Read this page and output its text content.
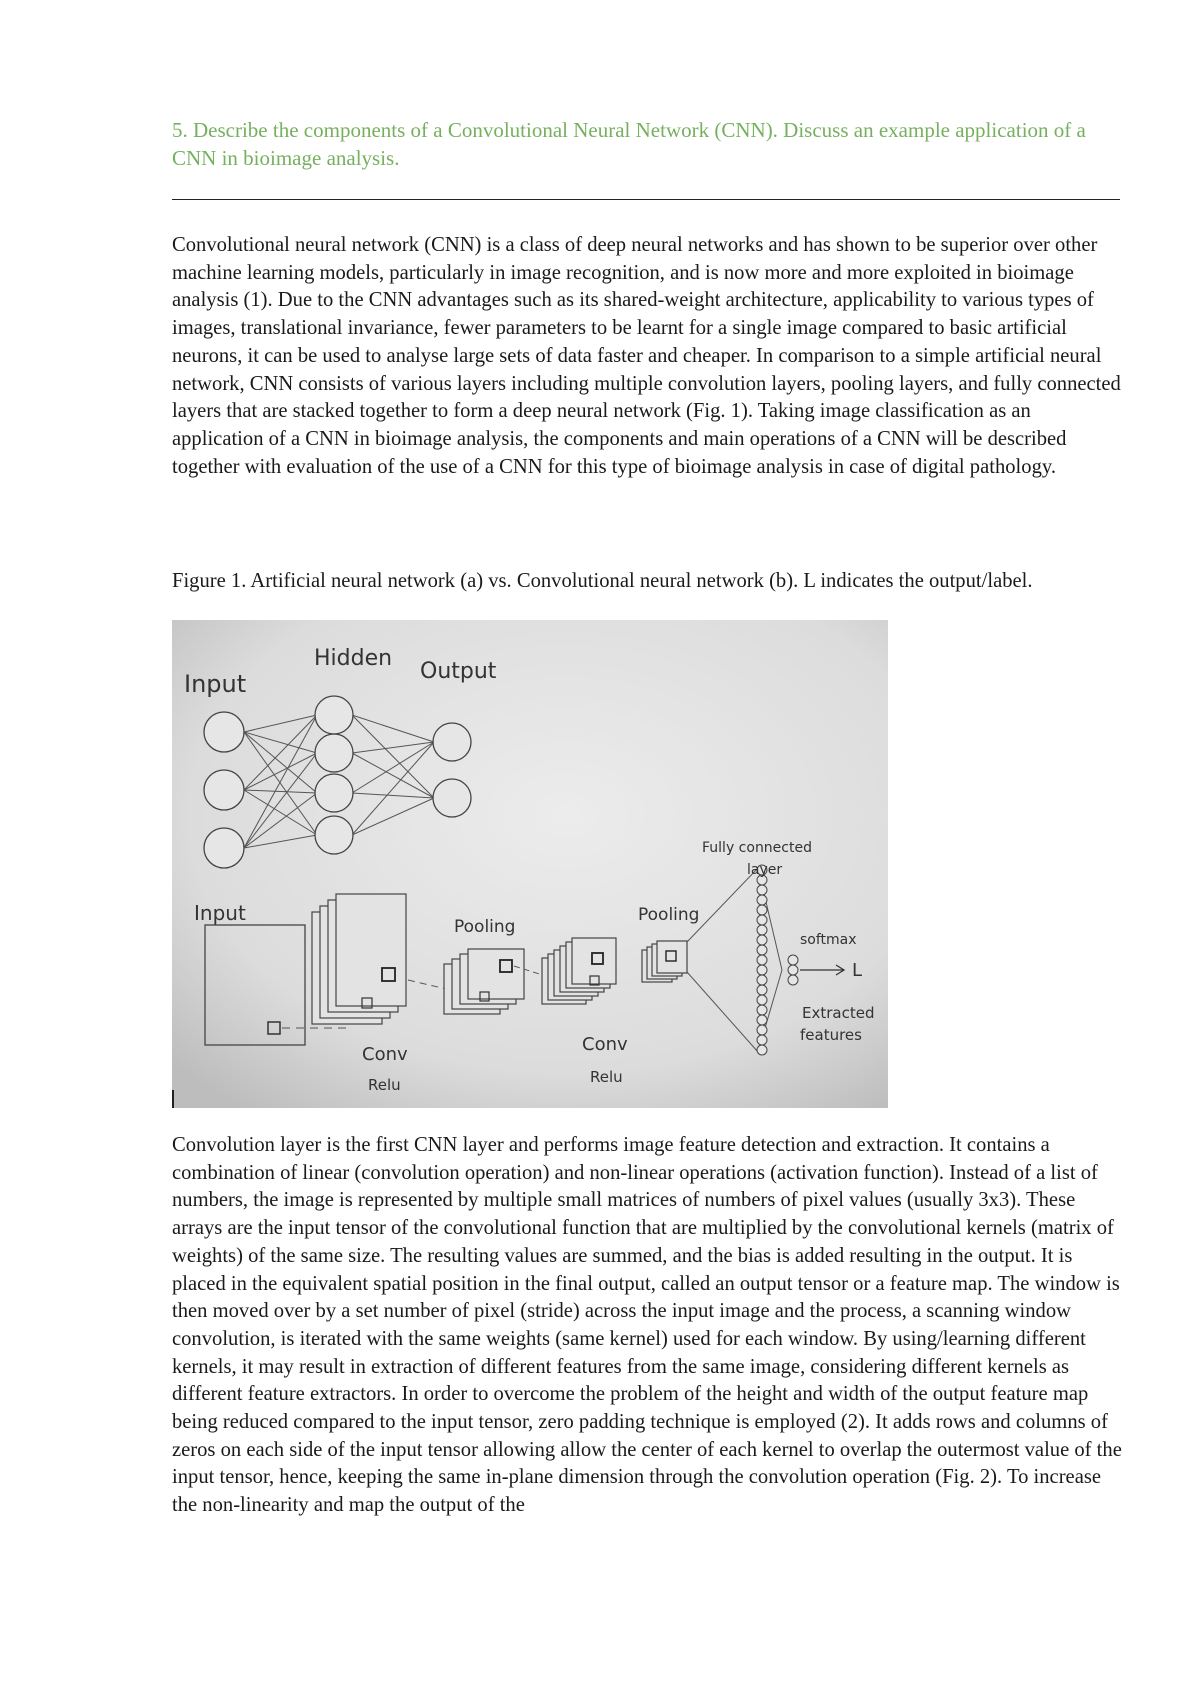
5. Describe the components of a Convolutional Neural Network (CNN). Discuss an example application of a CNN in bioimage analysis.

Convolutional neural network (CNN) is a class of deep neural networks and has shown to be superior over other machine learning models, particularly in image recognition, and is now more and more exploited in bioimage analysis (1). Due to the CNN advantages such as its shared-weight architecture, applicability to various types of images, translational invariance, fewer parameters to be learnt for a single image compared to basic artificial neurons, it can be used to analyse large sets of data faster and cheaper. In comparison to a simple artificial neural network, CNN consists of various layers including multiple convolution layers, pooling layers, and fully connected layers that are stacked together to form a deep neural network (Fig. 1). Taking image classification as an application of a CNN in bioimage analysis, the components and main operations of a CNN will be described together with evaluation of the use of a CNN for this type of bioimage analysis in case of digital pathology.

Figure 1. Artificial neural network (a) vs. Convolutional neural network (b). L indicates the output/label.

Input
Hidden
Output
Input
Conv
Relu
Pooling
Conv
Relu
Pooling
Fully connected
layer
softmax
L
Extracted
features

Convolution layer is the first CNN layer and performs image feature detection and extraction. It contains a combination of linear (convolution operation) and non-linear operations (activation function). Instead of a list of numbers, the image is represented by multiple small matrices of numbers of pixel values (usually 3x3). These arrays are the input tensor of the convolutional function that are multiplied by the convolutional kernels (matrix of weights) of the same size. The resulting values are summed, and the bias is added resulting in the output. It is placed in the equivalent spatial position in the final output, called an output tensor or a feature map. The window is then moved over by a set number of pixel (stride) across the input image and the process, a scanning window convolution, is iterated with the same weights (same kernel) used for each window. By using/learning different kernels, it may result in extraction of different features from the same image, considering different kernels as different feature extractors. In order to overcome the problem of the height and width of the output feature map being reduced compared to the input tensor, zero padding technique is employed (2). It adds rows and columns of zeros on each side of the input tensor allowing allow the center of each kernel to overlap the outermost value of the input tensor, hence, keeping the same in-plane dimension through the convolution operation (Fig. 2). To increase the non-linearity and map the output of the
